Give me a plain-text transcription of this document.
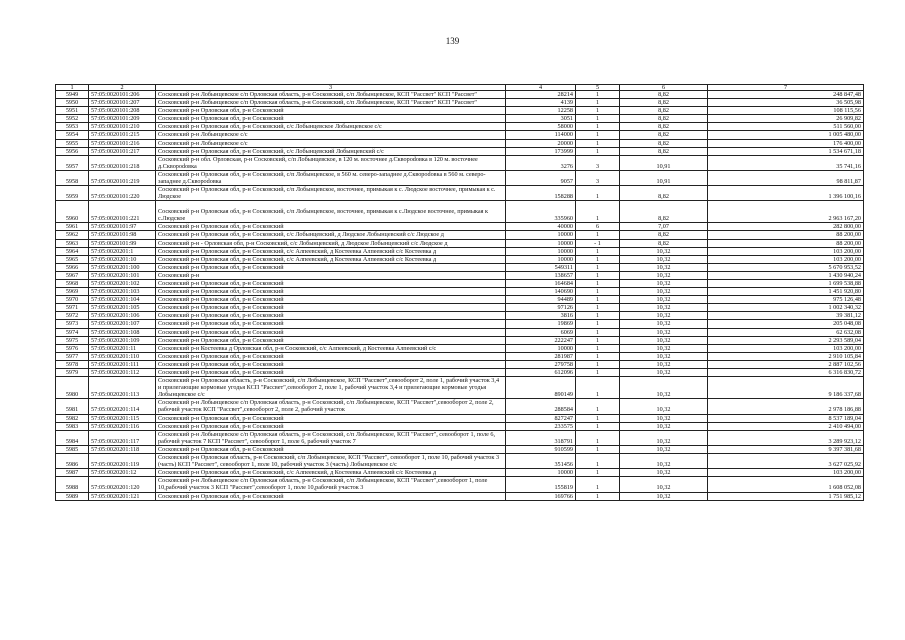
139
1	2	3	4	5	6	7
5949	57:05:0020101:206	Сосковский р-н Лобынцевское с/п Орловская область, р-н Сосковский, с/п Лобынцевское, КСП "Рассвет" КСП "Рассвет"	28214	1	8,82	248 847,48
5950	57:05:0020101:207	Сосковский р-н Лобынцевское с/п Орловская область, р-н Сосковский, с/п Лобынцевское, КСП "Рассвет" КСП "Рассвет"	4139	1	8,82	36 505,98
5951	57:05:0020101:208	Сосковский р-н Орловская обл, р-н Сосковский	12258	1	8,82	108 115,56
5952	57:05:0020101:209	Сосковский р-н Орловская обл, р-н Сосковский	3051	1	8,82	26 909,82
5953	57:05:0020101:210	Сосковский р-н Орловская обл, р-н Сосковский, с/с Лобынцевское Лобынцевское с/с	58000	1	8,82	511 560,00
5954	57:05:0020101:215	Сосковский р-н Лобынцевское с/с	114000	1	8,82	1 005 480,00
5955	57:05:0020101:216	Сосковский р-н Лобынцевское с/с	20000	1	8,82	176 400,00
5956	57:05:0020101:217	Сосковский р-н Орловская обл, р-н Сосковский, с/с Лобынцевский Лобынцевский с/с	173999	1	8,82	1 534 671,18
5957	57:05:0020101:218	Сосковский р-н обл. Орловская, р-н Сосковский, с/п Лобынцевское, в 120 м. восточнее д.Скворodовка в 120 м. восточнее д.Скворodовка	3276	3	10,91	35 741,16
5958	57:05:0020101:219	Сосковский р-н Орловская обл, р-н Сосковский, с/п Лобынцевское, в 560 м. северо-западнее д.Скворodовка в 560 м. северо-западнее д.Скворodовка	9057	3	10,91	98 811,87
5959	57:05:0020101:220	Сосковский р-н Орловская обл, р-н Сосковский, с/п Лобынцевское, восточнее, примыкая к с. Людское восточнее, примыкая к с. Людское	158288	1	8,82	1 396 100,16
5960	57:05:0020101:221	Сосковский р-н Орловская обл, р-н Сосковский, с/п Лобынцевское, восточнее, примыкая к с.Людское восточнее, примыкая к с.Людское	335960	1	8,82	2 963 167,20
5961	57:05:0020101:97	Сосковский р-н Орловская обл, р-н Сосковский	40000	6	7,07	282 800,00
5962	57:05:0020101:98	Сосковский р-н Орловская обл, р-н Сосковский, с/с Лобынцевский, д Людское Лобынцевский с/с Людское д	10000	1	8,82	88 200,00
5963	57:05:0020101:99	Сосковский р-н - Орловская обл, р-н Сосковский, с/с Лобынцевский, д Людское Лобынцевский с/с Людское д	10000	- 1	8,82	88 200,00
5964	57:05:0020201:1	Сосковский р-н Орловская обл, р-н Сосковский, с/с Алпеевский, д Костеевка Алпеевский с/с Костеевка д	10000	1	10,32	103 200,00
5965	57:05:0020201:10	Сосковский р-н Орловская обл, р-н Сосковский, с/с Алпеевский, д Костеевка Алпеевский с/с Костеевка д	10000	1	10,32	103 200,00
5966	57:05:0020201:100	Сосковский р-н Орловская обл, р-н Сосковский	549311	1	10,32	5 670 953,52
5967	57:05:0020201:101	Сосковский р-н	138657	1	10,32	1 430 940,24
5968	57:05:0020201:102	Сосковский р-н Орловская обл, р-н Сосковский	164684	1	10,32	1 699 538,88
5969	57:05:0020201:103	Сосковский р-н Орловская обл, р-н Сосковский	140690	1	10,32	1 451 920,80
5970	57:05:0020201:104	Сосковский р-н Орловская обл, р-н Сосковский	94489	1	10,32	975 126,48
5971	57:05:0020201:105	Сосковский р-н Орловская обл, р-н Сосковский	97126	1	10,32	1 002 340,32
5972	57:05:0020201:106	Сосковский р-н Орловская обл, р-н Сосковский	3816	1	10,32	39 381,12
5973	57:05:0020201:107	Сосковский р-н Орловская обл, р-н Сосковский	19869	1	10,32	205 048,08
5974	57:05:0020201:108	Сосковский р-н Орловская обл, р-н Сосковский	6069	1	10,32	62 632,08
5975	57:05:0020201:109	Сосковский р-н Орловская обл, р-н Сосковский	222247	1	10,32	2 293 589,04
5976	57:05:0020201:11	Сосковский р-н Костеевка д Орловская обл, р-н Сосковский, с/с Алпеевский, д Костеевка Алпеевский с/с	10000	1	10,32	103 200,00
5977	57:05:0020201:110	Сосковский р-н Орловская обл, р-н Сосковский	281987	1	10,32	2 910 105,84
5978	57:05:0020201:111	Сосковский р-н Орловская обл, р-н Сосковский	279758	1	10,32	2 887 102,56
5979	57:05:0020201:112	Сосковский р-н Орловская обл, р-н Сосковский	612096	1	10,32	6 316 830,72
5980	57:05:0020201:113	Сосковский р-н Орловская область, р-н Сосковский, с/п Лобынцевское, КСП "Рассвет",севооборот 2, поле 1, рабочий участок 3,4 и прилегающие кормовые угодья КСП "Рассвет",севооборот 2, поле 1, рабочий участок 3,4 и прилегающие кормовые угодья Лобынцевское с/с	890149	1	10,32	9 186 337,68
5981	57:05:0020201:114	Сосковский р-н Лобынцевское с/п Орловская область, р-н Сосковский, с/п Лобынцевское, КСП "Рассвет",севооборот 2, поле 2, рабочий участок КСП "Рассвет",севооборот 2, поле 2, рабочий участок	288584	1	10,32	2 978 186,88
5982	57:05:0020201:115	Сосковский р-н Орловская обл, р-н Сосковский	827247	1	10,32	8 537 189,04
5983	57:05:0020201:116	Сосковский р-н Орловская обл, р-н Сосковский	233575	1	10,32	2 410 494,00
5984	57:05:0020201:117	Сосковский р-н Лобынцевское с/п Орловская область, р-н Сосковский, с/п Лобынцевское, КСП "Рассвет", севооборот 1, поле 6, рабочий участок 7 КСП "Рассвет", севооборот 1, поле 6, рабочий участок 7	318791	1	10,32	3 289 923,12
5985	57:05:0020201:118	Сосковский р-н Орловская обл, р-н Сосковский	910599	1	10,32	9 397 381,68
5986	57:05:0020201:119	Сосковский р-н Орловская область, р-н Сосковский, с/п Лобынцевское, КСП "Рассвет", севооборот 1, поле 10, рабочий участок 3 (часть) КСП "Рассвет", севооборот 1, поле 10, рабочий участок 3 (часть) Лобынцевское с/с	351456	1	10,32	3 627 025,92
5987	57:05:0020201:12	Сосковский р-н Орловская обл, р-н Сосковский, с/с Алпеевский, д Костеевка Алпеевский с/с Костеевка д	10000	1	10,32	103 200,00
5988	57:05:0020201:120	Сосковский р-н Лобынцевское с/п Орловская область, р-н Сосковский, с/п Лобынцевское, КСП "Рассвет",севооборот 1, поле 10,рабочий участок 3 КСП "Рассвет",севооборот 1, поле 10,рабочий участок 3	155819	1	10,32	1 608 052,08
5989	57:05:0020201:121	Сосковский р-н Орловская обл, р-н Сосковский	169766	1	10,32	1 751 985,12
